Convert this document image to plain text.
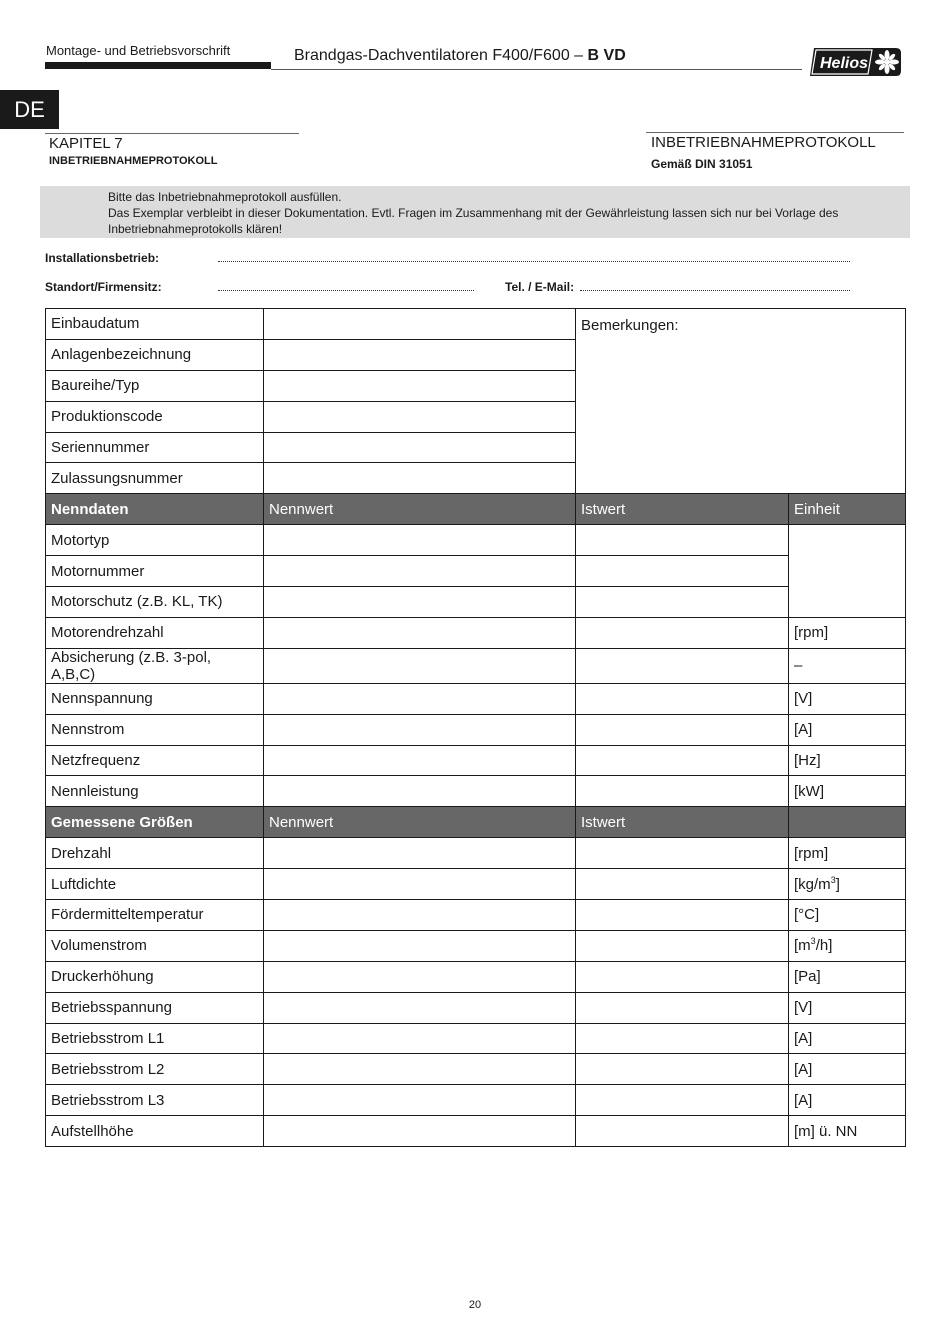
Montage- und Betriebsvorschrift	Brandgas-Dachventilatoren F400/F600 – B VD	Helios
DE
KAPITEL 7
INBETRIEBNAHMEPROTOKOLL
INBETRIEBNAHMEPROTOKOLL
Gemäß DIN 31051
Bitte das Inbetriebnahmeprotokoll ausfüllen.
Das Exemplar verbleibt in dieser Dokumentation. Evtl. Fragen im Zusammenhang mit der Gewährleistung lassen sich nur bei Vorlage des Inbetriebnahmeprotokolls klären!
Installationsbetrieb:
Standort/Firmensitz:	Tel. / E-Mail:
Einbaudatum		Bemerkungen:	
Anlagenbezeichnung			
Baureihe/Typ			
Produktionscode			
Seriennummer			
Zulassungsnummer			
Nenndaten	Nennwert	Istwert	Einheit
Motortyp			
Motornummer			
Motorschutz (z.B. KL, TK)			
Motorendrehzahl			[rpm]
Absicherung (z.B. 3-pol, A,B,C)			–
Nennspannung			[V]
Nennstrom			[A]
Netzfrequenz			[Hz]
Nennleistung			[kW]
Gemessene Größen	Nennwert	Istwert	
Drehzahl			[rpm]
Luftdichte			$[kg/m^3]$
Fördermitteltemperatur			[°C]
Volumenstrom			$[m^3/h]$
Druckerhöhung			[Pa]
Betriebsspannung			[V]
Betriebsstrom L1			[A]
Betriebsstrom L2			[A]
Betriebsstrom L3			[A]
Aufstellhöhe			[m] ü. NN
20
